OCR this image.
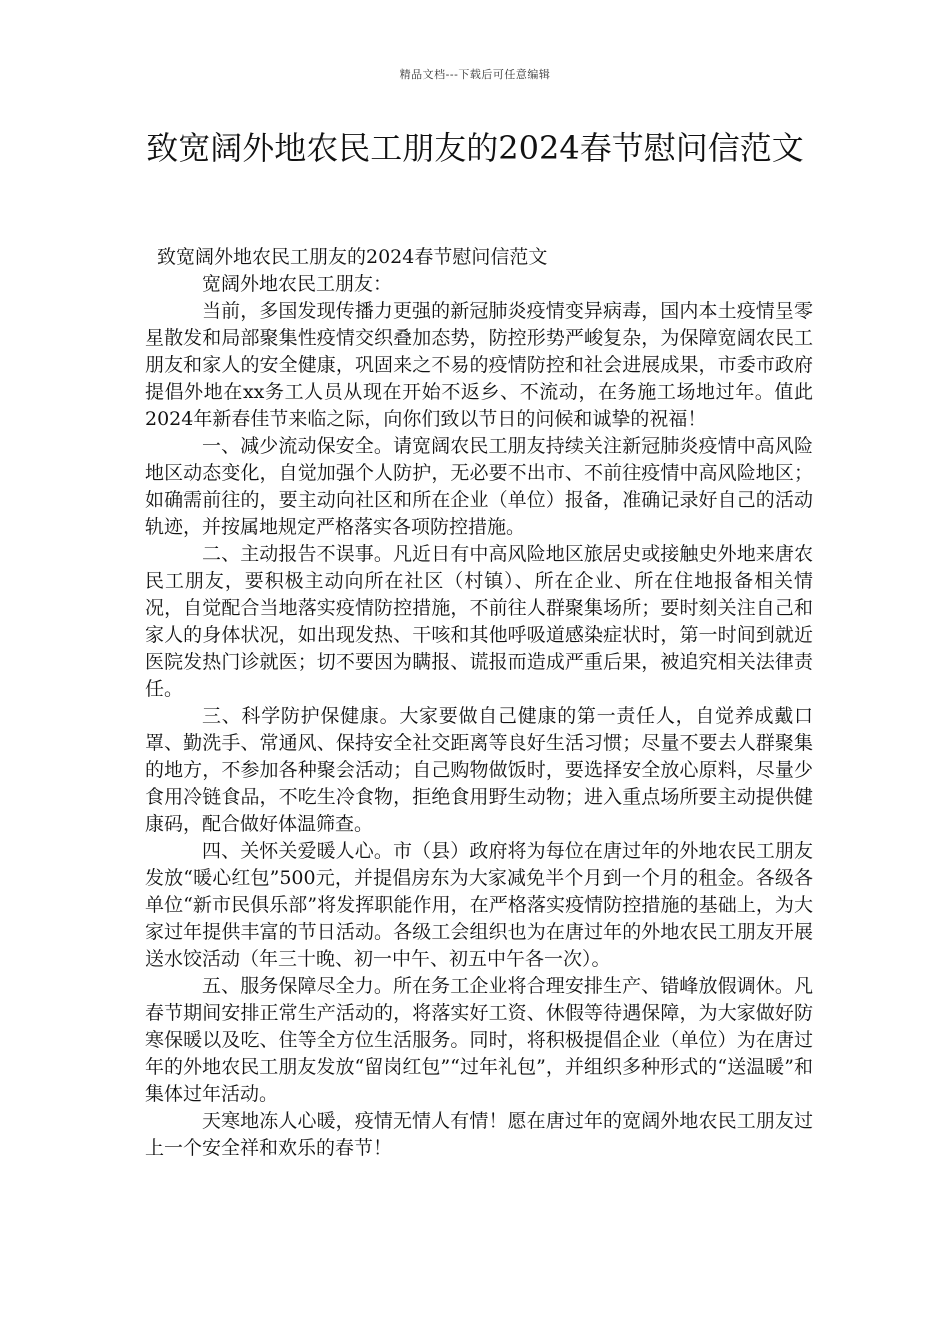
精品文档---下载后可任意编辑
致宽阔外地农民工朋友的2024春节慰问信范文

致宽阔外地农民工朋友的2024春节慰问信范文

宽阔外地农民工朋友：

当前，多国发现传播力更强的新冠肺炎疫情变异病毒，国内本土疫情呈零星散发和局部聚集性疫情交织叠加态势，防控形势严峻复杂，为保障宽阔农民工朋友和家人的安全健康，巩固来之不易的疫情防控和社会进展成果，市委市政府提倡外地在xx务工人员从现在开始不返乡、不流动，在务施工场地过年。值此2024年新春佳节来临之际，向你们致以节日的问候和诚挚的祝福！

一、减少流动保安全。请宽阔农民工朋友持续关注新冠肺炎疫情中高风险地区动态变化，自觉加强个人防护，无必要不出市、不前往疫情中高风险地区；如确需前往的，要主动向社区和所在企业（单位）报备，准确记录好自己的活动轨迹，并按属地规定严格落实各项防控措施。

二、主动报告不误事。凡近日有中高风险地区旅居史或接触史外地来唐农民工朋友，要积极主动向所在社区（村镇）、所在企业、所在住地报备相关情况，自觉配合当地落实疫情防控措施，不前往人群聚集场所；要时刻关注自己和家人的身体状况，如出现发热、干咳和其他呼吸道感染症状时，第一时间到就近医院发热门诊就医；切不要因为瞒报、谎报而造成严重后果，被追究相关法律责任。

三、科学防护保健康。大家要做自己健康的第一责任人，自觉养成戴口罩、勤洗手、常通风、保持安全社交距离等良好生活习惯；尽量不要去人群聚集的地方，不参加各种聚会活动；自己购物做饭时，要选择安全放心原料，尽量少食用冷链食品，不吃生冷食物，拒绝食用野生动物；进入重点场所要主动提供健康码，配合做好体温筛查。

四、关怀关爱暖人心。市（县）政府将为每位在唐过年的外地农民工朋友发放“暖心红包”500元，并提倡房东为大家减免半个月到一个月的租金。各级各单位“新市民俱乐部”将发挥职能作用，在严格落实疫情防控措施的基础上，为大家过年提供丰富的节日活动。各级工会组织也为在唐过年的外地农民工朋友开展送水饺活动（年三十晚、初一中午、初五中午各一次）。

五、服务保障尽全力。所在务工企业将合理安排生产、错峰放假调休。凡春节期间安排正常生产活动的，将落实好工资、休假等待遇保障，为大家做好防寒保暖以及吃、住等全方位生活服务。同时，将积极提倡企业（单位）为在唐过年的外地农民工朋友发放“留岗红包”“过年礼包”，并组织多种形式的“送温暖”和集体过年活动。

天寒地冻人心暖，疫情无情人有情！愿在唐过年的宽阔外地农民工朋友过上一个安全祥和欢乐的春节！
